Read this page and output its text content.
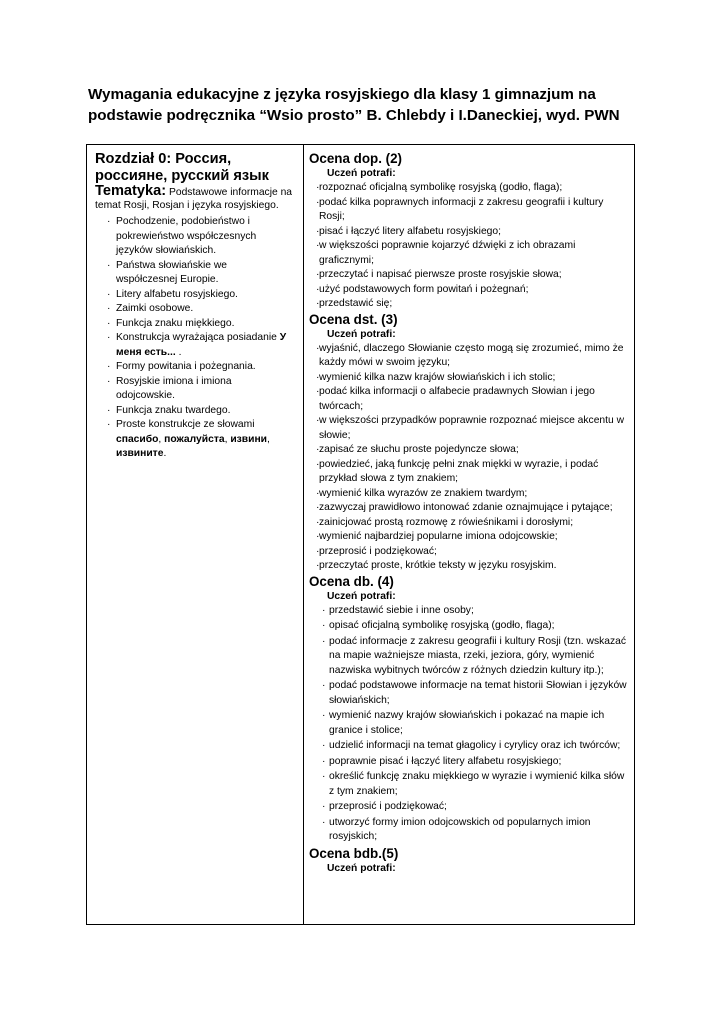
Wymagania edukacyjne z języka rosyjskiego dla klasy 1 gimnazjum na podstawie podręcznika “Wsio prosto” B. Chlebdy i I.Daneckiej, wyd. PWN

Rozdział 0: Россия, россияне, русский язык

Tematyka: Podstawowe informacje na temat Rosji, Rosjan i języka rosyjskiego.

· Pochodzenie, podobieństwo i pokrewieństwo współczesnych języków słowiańskich.
· Państwa słowiańskie we współczesnej Europie.
· Litery alfabetu rosyjskiego.
· Zaimki osobowe.
· Funkcja znaku miękkiego.
· Konstrukcja wyrażająca posiadanie У меня есть... .
· Formy powitania i pożegnania.
· Rosyjskie imiona i imiona odojcowskie.
· Funkcja znaku twardego.
· Proste konstrukcje ze słowami спасибо, пожалуйста, извини, извините.

Ocena dop. (2)

Uczeń potrafi:

· rozpoznać oficjalną symbolikę rosyjską (godło, flaga);
· podać kilka poprawnych informacji z zakresu geografii i kultury Rosji;
· pisać i łączyć litery alfabetu rosyjskiego;
· w większości poprawnie kojarzyć dźwięki z ich obrazami graficznymi;
· przeczytać i napisać pierwsze proste rosyjskie słowa;
· użyć podstawowych form powitań i pożegnań;
· przedstawić się;

Ocena dst. (3)

Uczeń potrafi:

· wyjaśnić, dlaczego Słowianie często mogą się zrozumieć, mimo że każdy mówi w swoim języku;
· wymienić kilka nazw krajów słowiańskich i ich stolic;
· podać kilka informacji o alfabecie pradawnych Słowian i jego twórcach;
· w większości przypadków poprawnie rozpoznać miejsce akcentu w słowie;
· zapisać ze słuchu proste pojedyncze słowa;
· powiedzieć, jaką funkcję pełni znak miękki w wyrazie, i podać przykład słowa z tym znakiem;
· wymienić kilka wyrazów ze znakiem twardym;
· zazwyczaj prawidłowo intonować zdanie oznajmujące i pytające;
· zainicjować prostą rozmowę z rówieśnikami i dorosłymi;
· wymienić najbardziej popularne imiona odojcowskie;
· przeprosić i podziękować;
· przeczytać proste, krótkie teksty w języku rosyjskim.

Ocena db. (4)

Uczeń potrafi:

· przedstawić siebie i inne osoby;
· opisać oficjalną symbolikę rosyjską (godło, flaga);
· podać informacje z zakresu geografii i kultury Rosji (tzn. wskazać na mapie ważniejsze miasta, rzeki, jeziora, góry, wymienić nazwiska wybitnych twórców z różnych dziedzin kultury itp.);
· podać podstawowe informacje na temat historii Słowian i języków słowiańskich;
· wymienić nazwy krajów słowiańskich i pokazać na mapie ich granice i stolice;
· udzielić informacji na temat głagolicy i cyrylicy oraz ich twórców;
· poprawnie pisać i łączyć litery alfabetu rosyjskiego;
· określić funkcję znaku miękkiego w wyrazie i wymienić kilka słów z tym znakiem;
· przeprosić i podziękować;
· utworzyć formy imion odojcowskich od popularnych imion rosyjskich;

Ocena bdb.(5)

Uczeń potrafi:
